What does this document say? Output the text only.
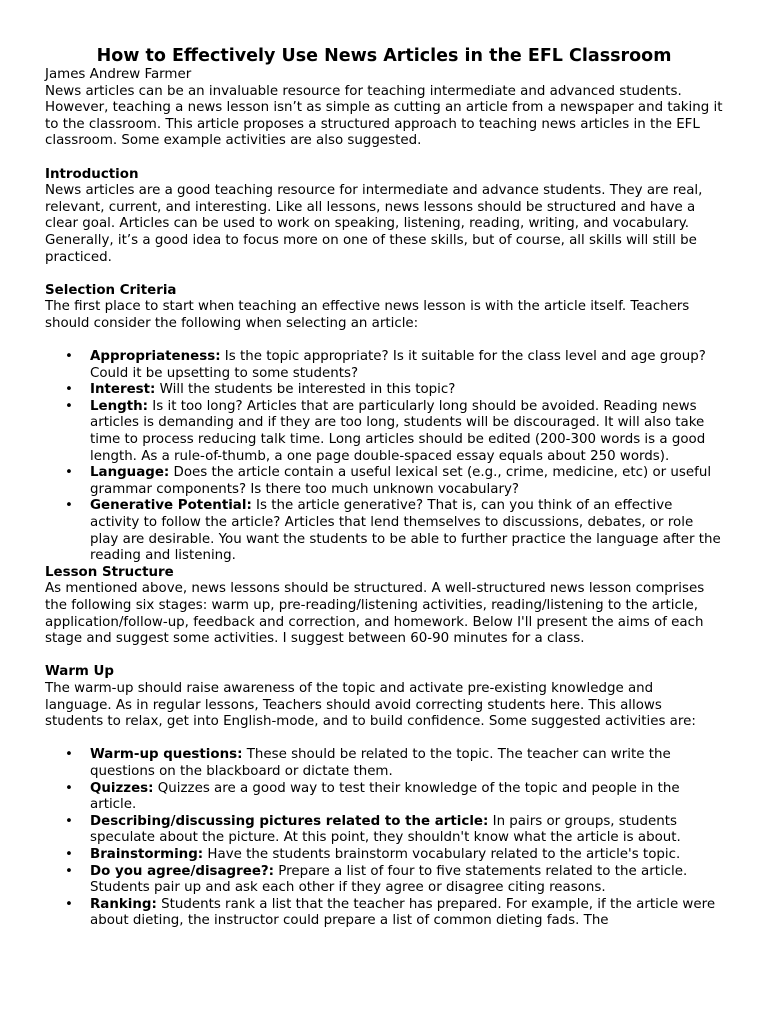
How to Effectively Use News Articles in the EFL Classroom

James Andrew Farmer

News articles can be an invaluable resource for teaching intermediate and advanced students. However, teaching a news lesson isn’t as simple as cutting an article from a newspaper and taking it to the classroom. This article proposes a structured approach to teaching news articles in the EFL classroom. Some example activities are also suggested.

Introduction

News articles are a good teaching resource for intermediate and advance students. They are real, relevant, current, and interesting. Like all lessons, news lessons should be structured and have a clear goal. Articles can be used to work on speaking, listening, reading, writing, and vocabulary. Generally, it’s a good idea to focus more on one of these skills, but of course, all skills will still be practiced.

Selection Criteria

The first place to start when teaching an effective news lesson is with the article itself. Teachers should consider the following when selecting an article:

• Appropriateness: Is the topic appropriate? Is it suitable for the class level and age group? Could it be upsetting to some students?
• Interest: Will the students be interested in this topic?
• Length: Is it too long? Articles that are particularly long should be avoided. Reading news articles is demanding and if they are too long, students will be discouraged. It will also take time to process reducing talk time. Long articles should be edited (200-300 words is a good length. As a rule-of-thumb, a one page double-spaced essay equals about 250 words).
• Language: Does the article contain a useful lexical set (e.g., crime, medicine, etc) or useful grammar components? Is there too much unknown vocabulary?
• Generative Potential: Is the article generative? That is, can you think of an effective activity to follow the article? Articles that lend themselves to discussions, debates, or role play are desirable. You want the students to be able to further practice the language after the reading and listening.
Lesson Structure

As mentioned above, news lessons should be structured. A well-structured news lesson comprises the following six stages: warm up, pre-reading/listening activities, reading/listening to the article, application/follow-up, feedback and correction, and homework. Below I'll present the aims of each stage and suggest some activities. I suggest between 60-90 minutes for a class.

Warm Up

The warm-up should raise awareness of the topic and activate pre-existing knowledge and language. As in regular lessons, Teachers should avoid correcting students here. This allows students to relax, get into English-mode, and to build confidence. Some suggested activities are:

• Warm-up questions: These should be related to the topic. The teacher can write the questions on the blackboard or dictate them.
• Quizzes: Quizzes are a good way to test their knowledge of the topic and people in the article.
• Describing/discussing pictures related to the article: In pairs or groups, students speculate about the picture. At this point, they shouldn't know what the article is about.
• Brainstorming: Have the students brainstorm vocabulary related to the article's topic.
• Do you agree/disagree?: Prepare a list of four to five statements related to the article. Students pair up and ask each other if they agree or disagree citing reasons.
• Ranking: Students rank a list that the teacher has prepared. For example, if the article were about dieting, the instructor could prepare a list of common dieting fads. The
